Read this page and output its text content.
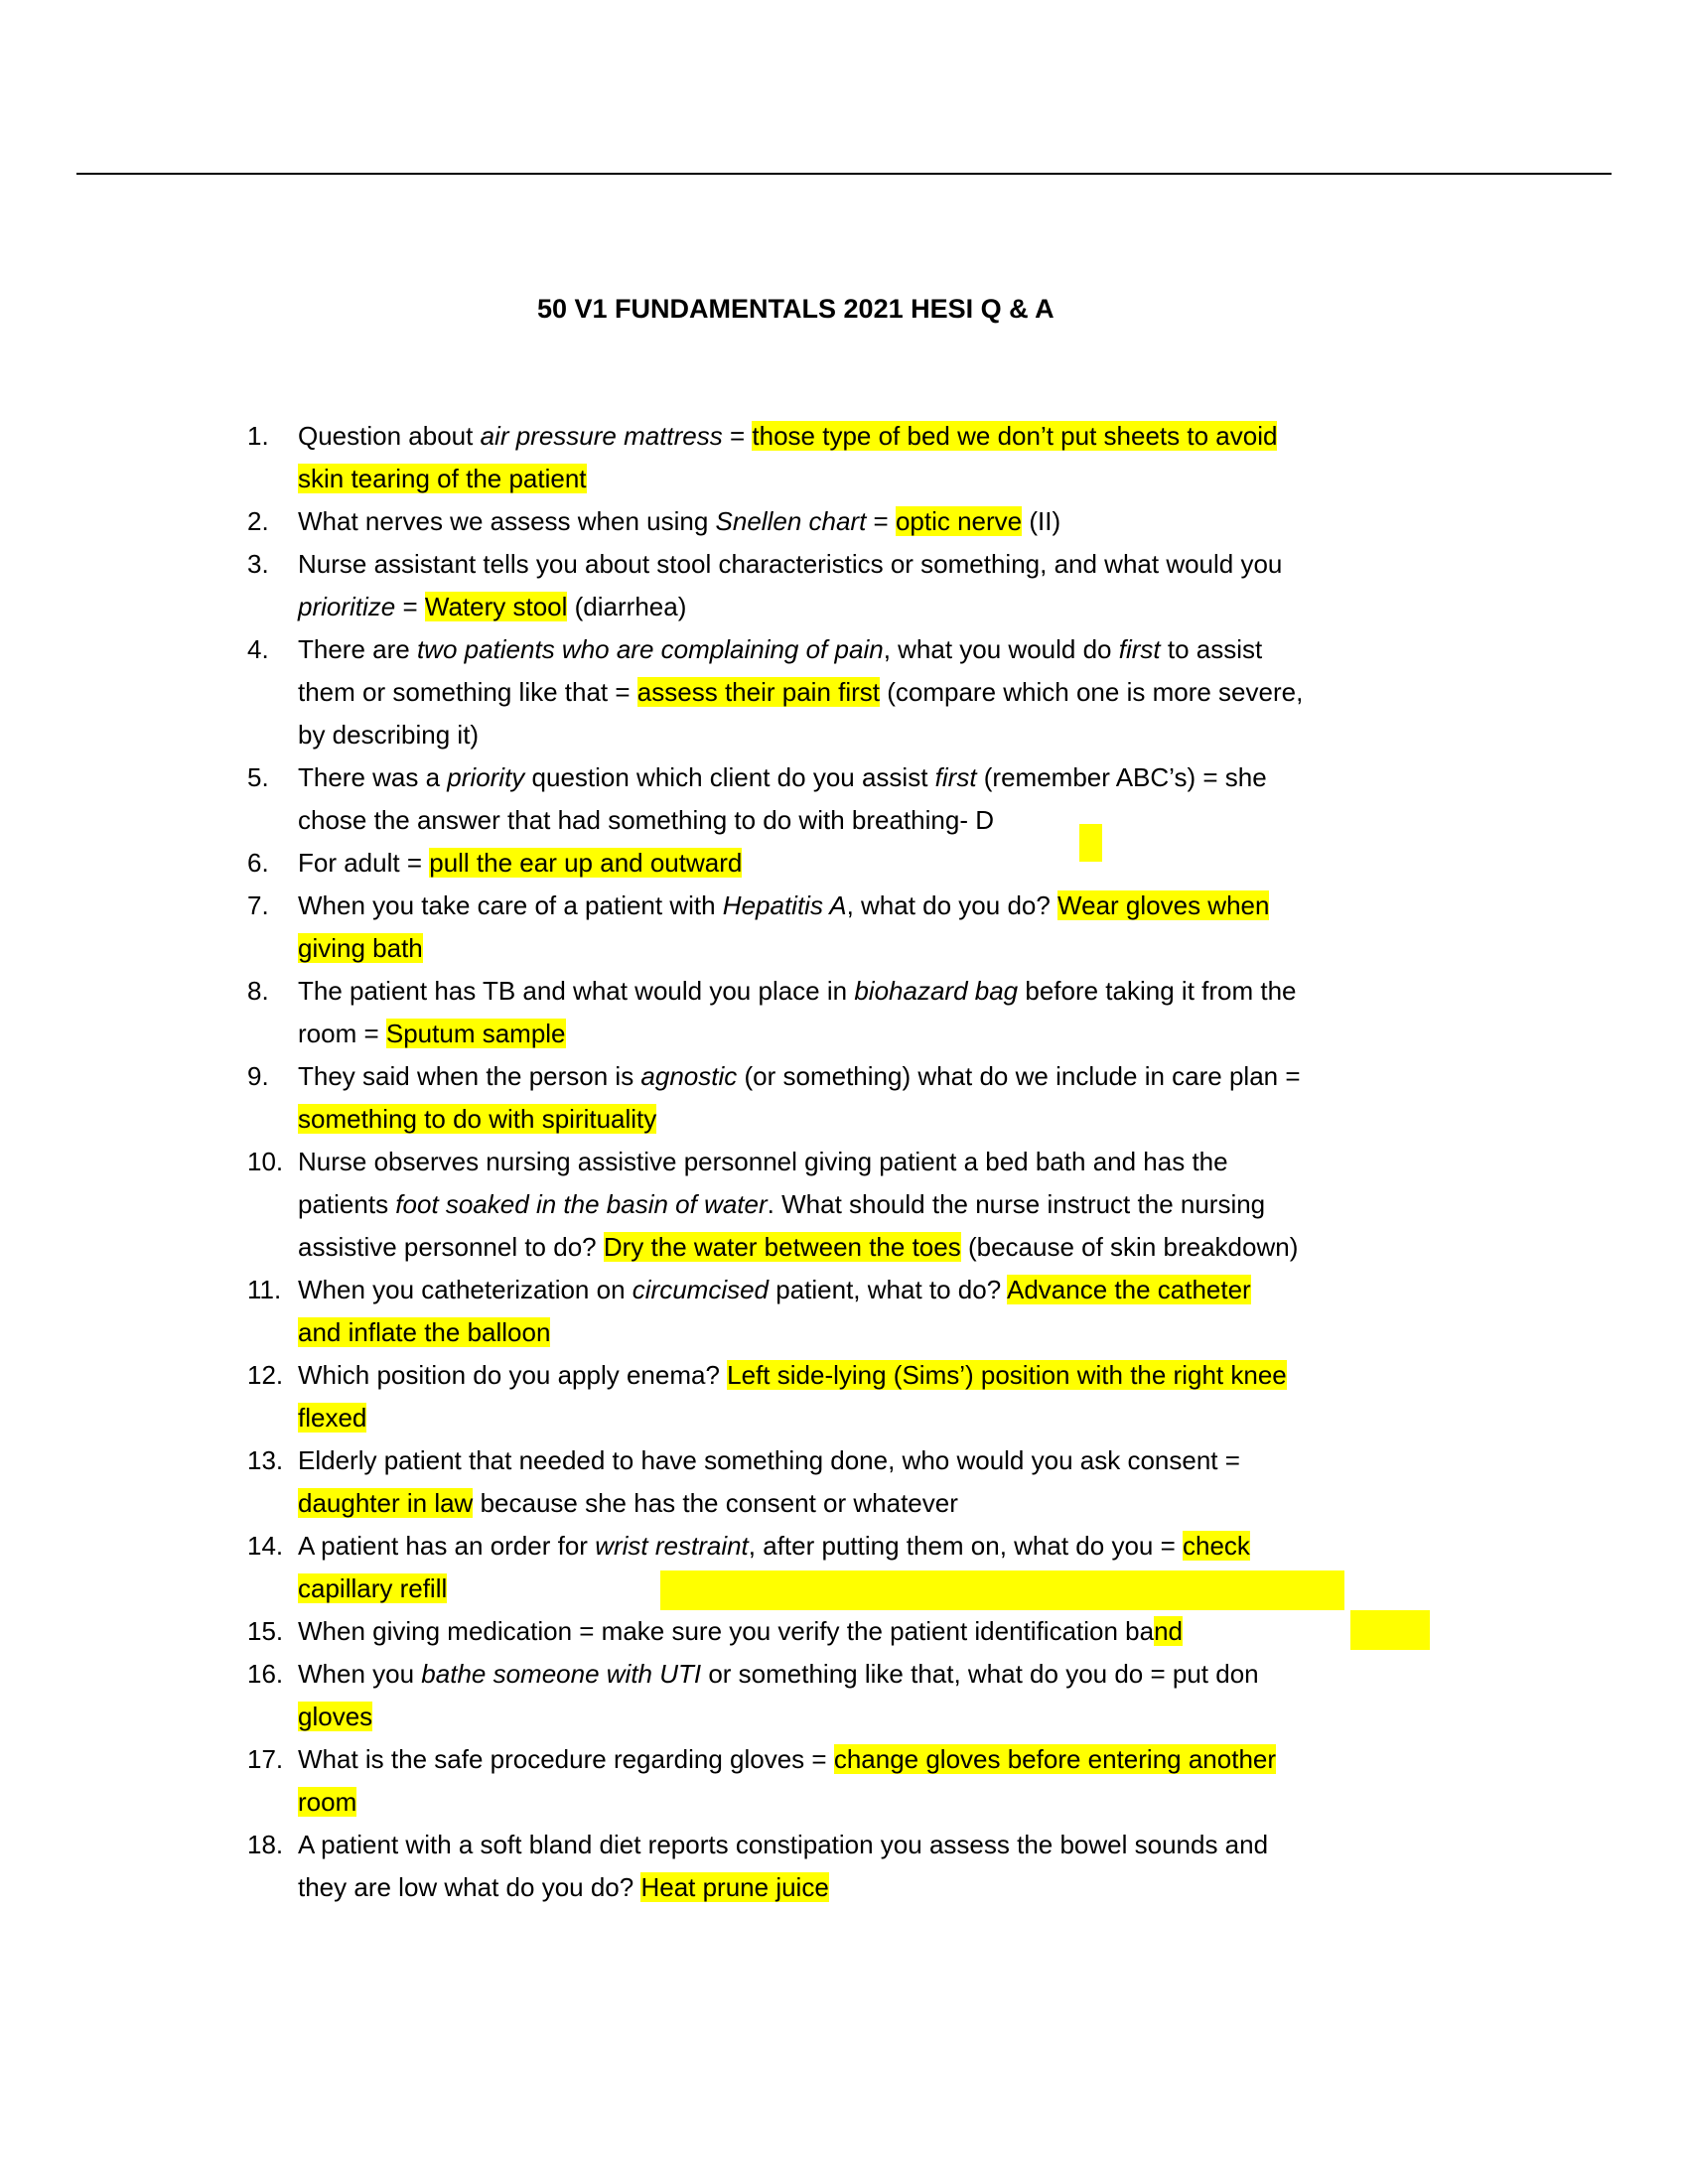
50 V1 FUNDAMENTALS 2021 HESI Q & A
1. Question about air pressure mattress = those type of bed we don’t put sheets to avoid
skin tearing of the patient
2. What nerves we assess when using Snellen chart = optic nerve (II)
3. Nurse assistant tells you about stool characteristics or something, and what would you
prioritize = Watery stool (diarrhea)
4. There are two patients who are complaining of pain, what you would do first to assist
them or something like that = assess their pain first (compare which one is more severe,
by describing it)
5. There was a priority question which client do you assist first (remember ABC’s) = she
chose the answer that had something to do with breathing- D
6. For adult = pull the ear up and outward
7. When you take care of a patient with Hepatitis A, what do you do? Wear gloves when
giving bath
8. The patient has TB and what would you place in biohazard bag before taking it from the
room = Sputum sample
9. They said when the person is agnostic (or something) what do we include in care plan =
something to do with spirituality
10. Nurse observes nursing assistive personnel giving patient a bed bath and has the
patients foot soaked in the basin of water. What should the nurse instruct the nursing
assistive personnel to do? Dry the water between the toes (because of skin breakdown)
11. When you catheterization on circumcised patient, what to do? Advance the catheter
and inflate the balloon
12. Which position do you apply enema? Left side-lying (Sims’) position with the right knee
flexed
13. Elderly patient that needed to have something done, who would you ask consent =
daughter in law because she has the consent or whatever
14. A patient has an order for wrist restraint, after putting them on, what do you = check
capillary refill
15. When giving medication = make sure you verify the patient identification band
16. When you bathe someone with UTI or something like that, what do you do = put don
gloves
17. What is the safe procedure regarding gloves = change gloves before entering another
room
18. A patient with a soft bland diet reports constipation you assess the bowel sounds and
they are low what do you do? Heat prune juice
